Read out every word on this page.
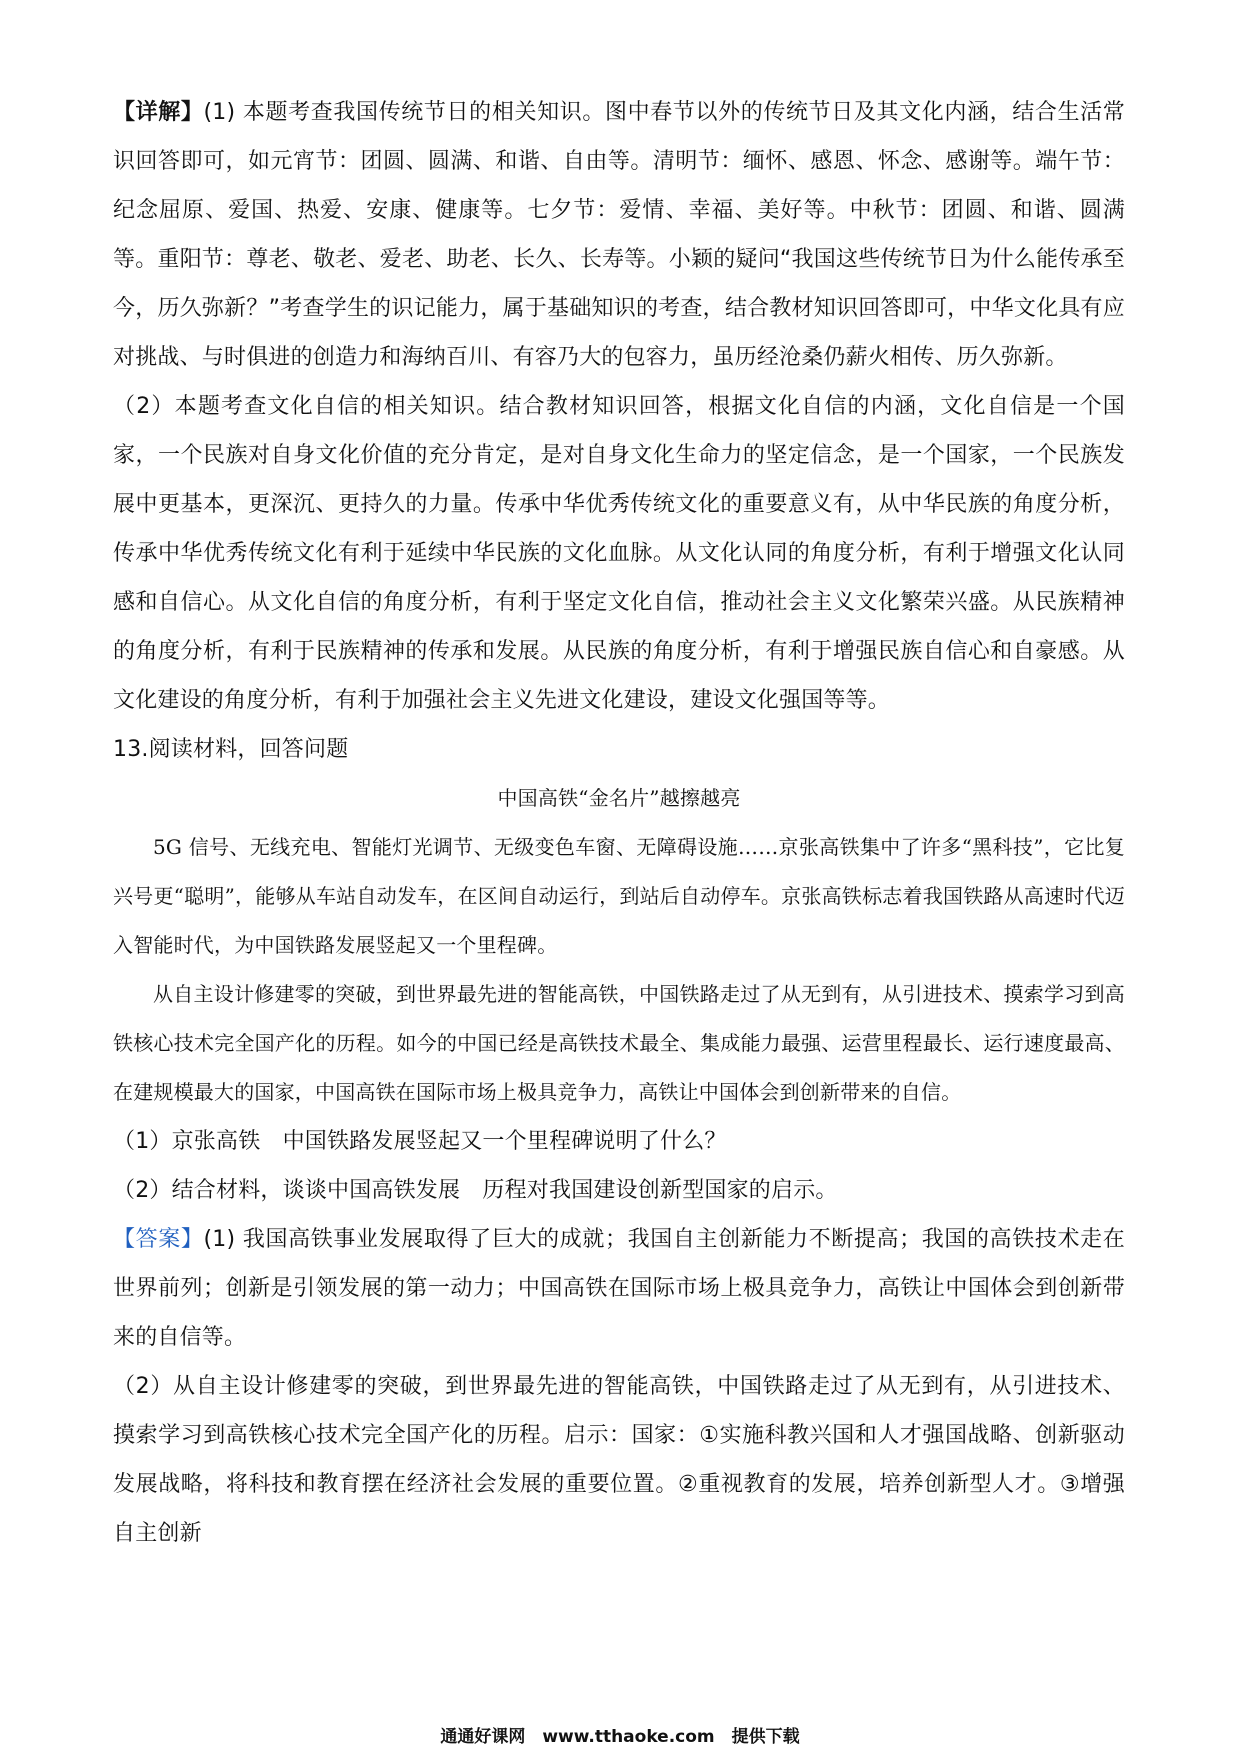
【详解】(1) 本题考查我国传统节日的相关知识。图中春节以外的传统节日及其文化内涵，结合生活常识回答即可，如元宵节：团圆、圆满、和谐、自由等。清明节：缅怀、感恩、怀念、感谢等。端午节：纪念屈原、爱国、热爱、安康、健康等。七夕节：爱情、幸福、美好等。中秋节：团圆、和谐、圆满等。重阳节：尊老、敬老、爱老、助老、长久、长寿等。小颖的疑问“我国这些传统节日为什么能传承至今，历久弥新？”考查学生的识记能力，属于基础知识的考查，结合教材知识回答即可，中华文化具有应对挑战、与时俱进的创造力和海纳百川、有容乃大的包容力，虽历经沧桑仍薪火相传、历久弥新。

（2）本题考查文化自信的相关知识。结合教材知识回答，根据文化自信的内涵，文化自信是一个国家，一个民族对自身文化价值的充分肯定，是对自身文化生命力的坚定信念，是一个国家，一个民族发展中更基本，更深沉、更持久的力量。传承中华优秀传统文化的重要意义有，从中华民族的角度分析，传承中华优秀传统文化有利于延续中华民族的文化血脉。从文化认同的角度分析，有利于增强文化认同感和自信心。从文化自信的角度分析，有利于坚定文化自信，推动社会主义文化繁荣兴盛。从民族精神的角度分析，有利于民族精神的传承和发展。从民族的角度分析，有利于增强民族自信心和自豪感。从文化建设的角度分析，有利于加强社会主义先进文化建设，建设文化强国等等。

13.阅读材料，回答问题

中国高铁“金名片”越擦越亮

5G 信号、无线充电、智能灯光调节、无级变色车窗、无障碍设施……京张高铁集中了许多“黑科技”，它比复兴号更“聪明”，能够从车站自动发车，在区间自动运行，到站后自动停车。京张高铁标志着我国铁路从高速时代迈入智能时代，为中国铁路发展竖起又一个里程碑。

从自主设计修建零的突破，到世界最先进的智能高铁，中国铁路走过了从无到有，从引进技术、摸索学习到高铁核心技术完全国产化的历程。如今的中国已经是高铁技术最全、集成能力最强、运营里程最长、运行速度最高、在建规模最大的国家，中国高铁在国际市场上极具竞争力，高铁让中国体会到创新带来的自信。

（1）京张高铁　中国铁路发展竖起又一个里程碑说明了什么？

（2）结合材料，谈谈中国高铁发展　历程对我国建设创新型国家的启示。

【答案】(1) 我国高铁事业发展取得了巨大的成就；我国自主创新能力不断提高；我国的高铁技术走在世界前列；创新是引领发展的第一动力；中国高铁在国际市场上极具竞争力，高铁让中国体会到创新带来的自信等。

（2）从自主设计修建零的突破，到世界最先进的智能高铁，中国铁路走过了从无到有，从引进技术、摸索学习到高铁核心技术完全国产化的历程。启示：国家：①实施科教兴国和人才强国战略、创新驱动发展战略，将科技和教育摆在经济社会发展的重要位置。②重视教育的发展，培养创新型人才。③增强自主创新

通通好课网　www.tthaoke.com　提供下载
